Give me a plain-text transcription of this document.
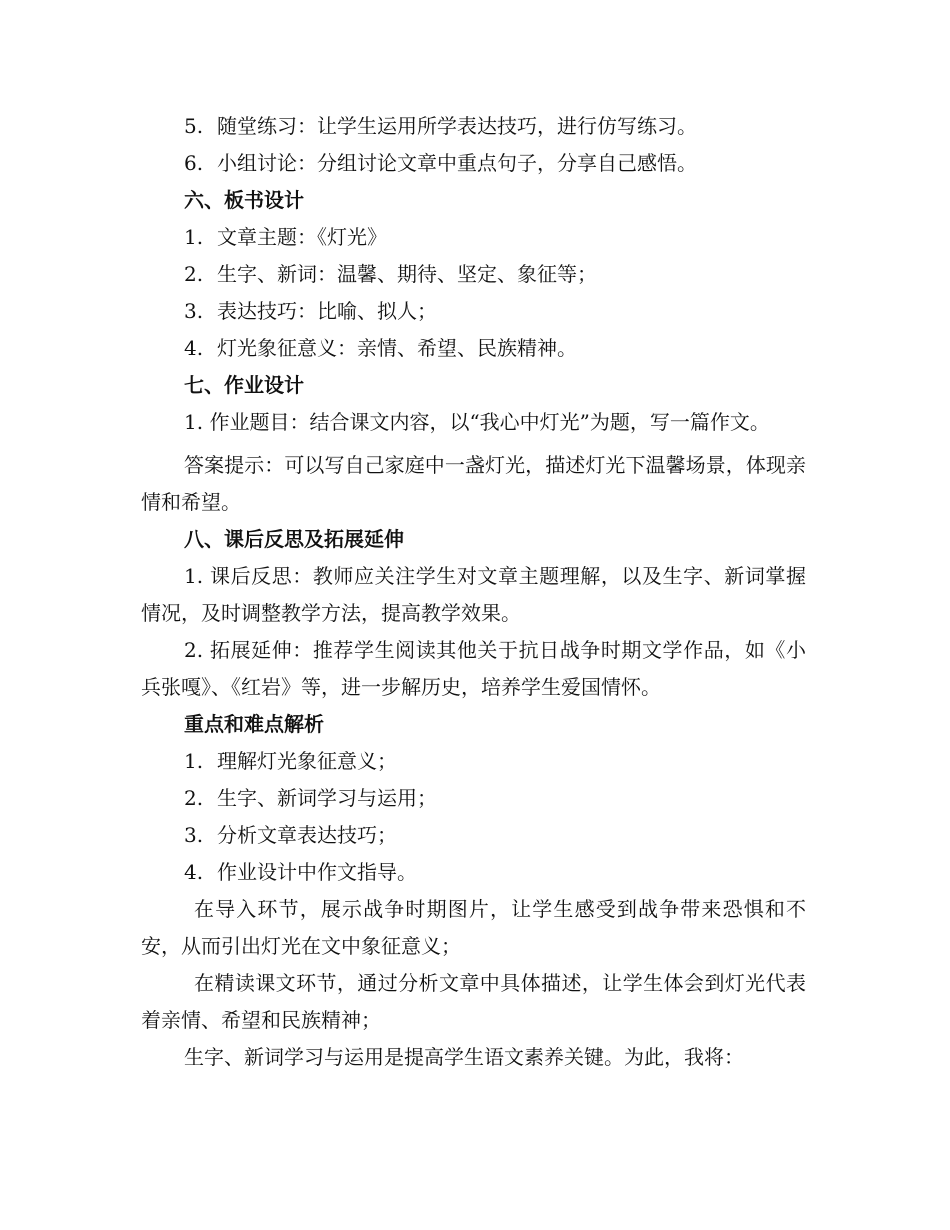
5. 随堂练习：让学生运用所学表达技巧，进行仿写练习。
6. 小组讨论：分组讨论文章中重点句子，分享自己感悟。
六、板书设计
1. 文章主题：《灯光》
2. 生字、新词：温馨、期待、坚定、象征等；
3. 表达技巧：比喻、拟人；
4. 灯光象征意义：亲情、希望、民族精神。
七、作业设计
1. 作业题目：结合课文内容，以“我心中灯光”为题，写一篇作文。
答案提示：可以写自己家庭中一盏灯光，描述灯光下温馨场景，体现亲情和希望。
八、课后反思及拓展延伸
1. 课后反思：教师应关注学生对文章主题理解，以及生字、新词掌握情况，及时调整教学方法，提高教学效果。
2. 拓展延伸：推荐学生阅读其他关于抗日战争时期文学作品，如《小兵张嘎》、《红岩》等，进一步解历史，培养学生爱国情怀。
重点和难点解析
1. 理解灯光象征意义；
2. 生字、新词学习与运用；
3. 分析文章表达技巧；
4. 作业设计中作文指导。
在导入环节，展示战争时期图片，让学生感受到战争带来恐惧和不安，从而引出灯光在文中象征意义；
在精读课文环节，通过分析文章中具体描述，让学生体会到灯光代表着亲情、希望和民族精神；
生字、新词学习与运用是提高学生语文素养关键。为此，我将：
